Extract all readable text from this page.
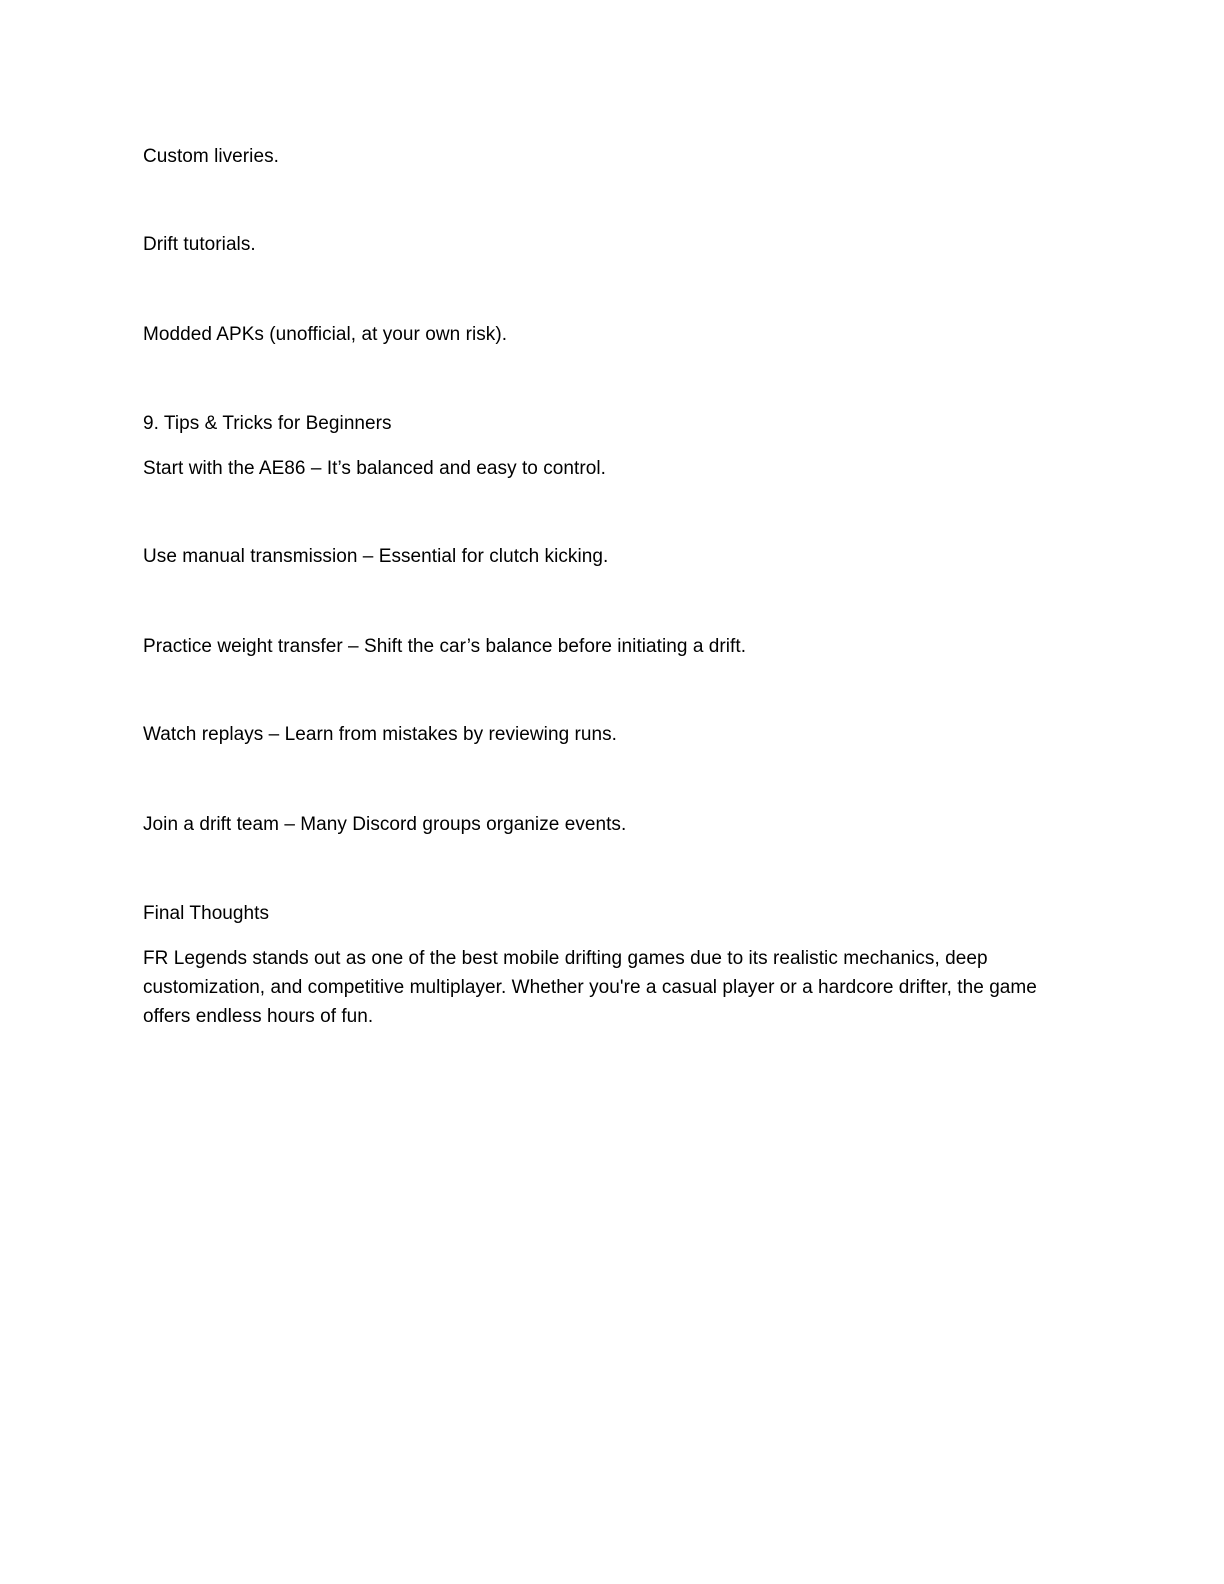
Custom liveries.

Drift tutorials.

Modded APKs (unofficial, at your own risk).

9. Tips & Tricks for Beginners

Start with the AE86 – It’s balanced and easy to control.

Use manual transmission – Essential for clutch kicking.

Practice weight transfer – Shift the car’s balance before initiating a drift.

Watch replays – Learn from mistakes by reviewing runs.

Join a drift team – Many Discord groups organize events.

Final Thoughts

FR Legends stands out as one of the best mobile drifting games due to its realistic mechanics, deep customization, and competitive multiplayer. Whether you're a casual player or a hardcore drifter, the game offers endless hours of fun.
